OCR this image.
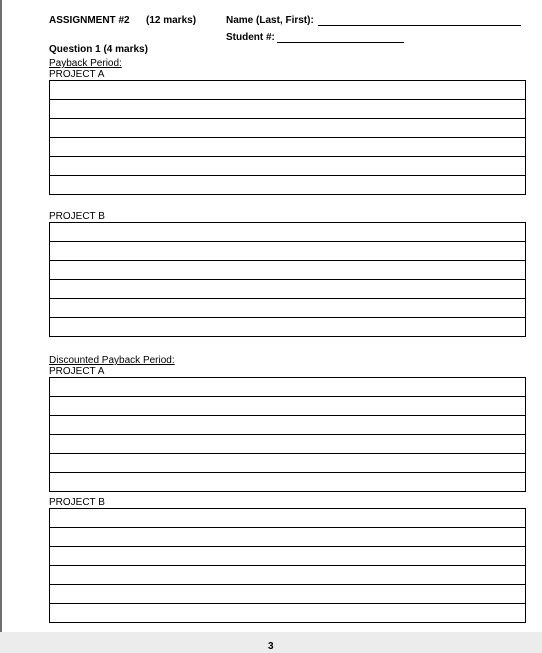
ASSIGNMENT #2 (12 marks)	Name (Last, First):
Student #:
Question 1 (4 marks)
Payback Period:
PROJECT A

PROJECT B

Discounted Payback Period:
PROJECT A

PROJECT B

3
